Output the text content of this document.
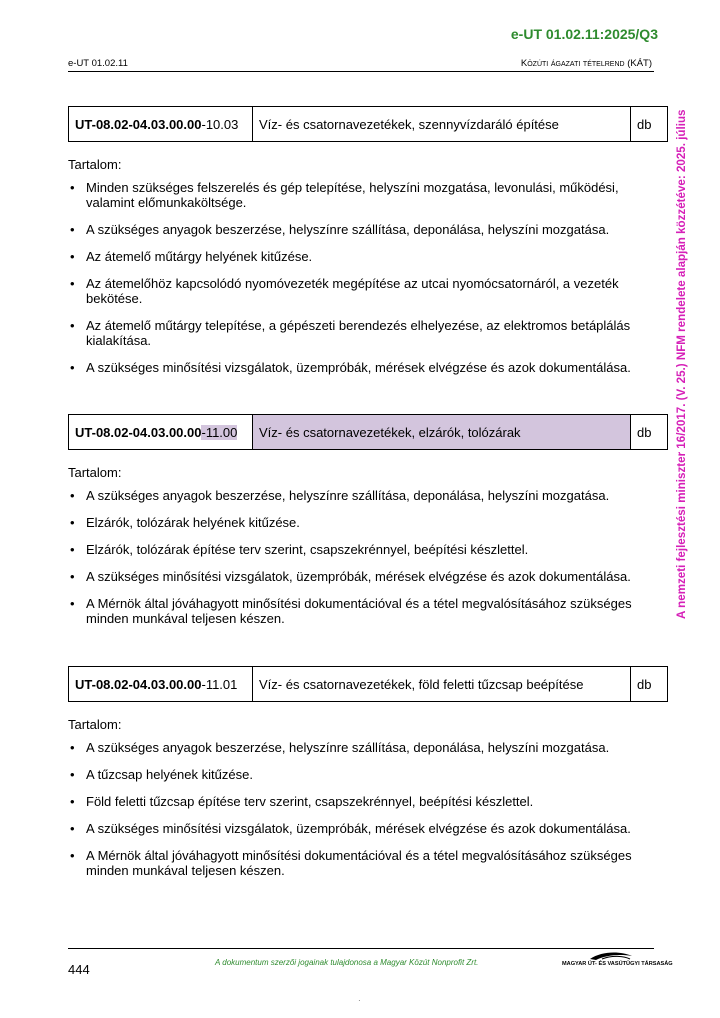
e-UT 01.02.11:2025/Q3
e-UT 01.02.11	Közúti ágazati tételrend (KÁT)
A nemzeti fejlesztési miniszter 16/2017. (V. 25.) NFM rendelete alapján közzétéve: 2025. július
UT-08.02-04.03.00.00-10.03	Víz- és csatornavezetékek, szennyvízdaráló építése	db
Tartalom:
• Minden szükséges felszerelés és gép telepítése, helyszíni mozgatása, levonulási, működési, valamint előmunkaköltsége.
• A szükséges anyagok beszerzése, helyszínre szállítása, deponálása, helyszíni mozgatása.
• Az átemelő műtárgy helyének kitűzése.
• Az átemelőhöz kapcsolódó nyomóvezeték megépítése az utcai nyomócsatornáról, a vezeték bekötése.
• Az átemelő műtárgy telepítése, a gépészeti berendezés elhelyezése, az elektromos betáplálás kialakítása.
• A szükséges minősítési vizsgálatok, üzempróbák, mérések elvégzése és azok dokumentálása.
UT-08.02-04.03.00.00-11.00	Víz- és csatornavezetékek, elzárók, tolózárak	db
Tartalom:
• A szükséges anyagok beszerzése, helyszínre szállítása, deponálása, helyszíni mozgatása.
• Elzárók, tolózárak helyének kitűzése.
• Elzárók, tolózárak építése terv szerint, csapszekrénnyel, beépítési készlettel.
• A szükséges minősítési vizsgálatok, üzempróbák, mérések elvégzése és azok dokumentálása.
• A Mérnök által jóváhagyott minősítési dokumentációval és a tétel megvalósításához szükséges minden munkával teljesen készen.
UT-08.02-04.03.00.00-11.01	Víz- és csatornavezetékek, föld feletti tűzcsap beépítése	db
Tartalom:
• A szükséges anyagok beszerzése, helyszínre szállítása, deponálása, helyszíni mozgatása.
• A tűzcsap helyének kitűzése.
• Föld feletti tűzcsap építése terv szerint, csapszekrénnyel, beépítési készlettel.
• A szükséges minősítési vizsgálatok, üzempróbák, mérések elvégzése és azok dokumentálása.
• A Mérnök által jóváhagyott minősítési dokumentációval és a tétel megvalósításához szükséges minden munkával teljesen készen.
444	A dokumentum szerzői jogainak tulajdonosa a Magyar Közút Nonprofit Zrt.	MAGYAR ÚT- ÉS VASÚTÜGYI TÁRSASÁG
·
